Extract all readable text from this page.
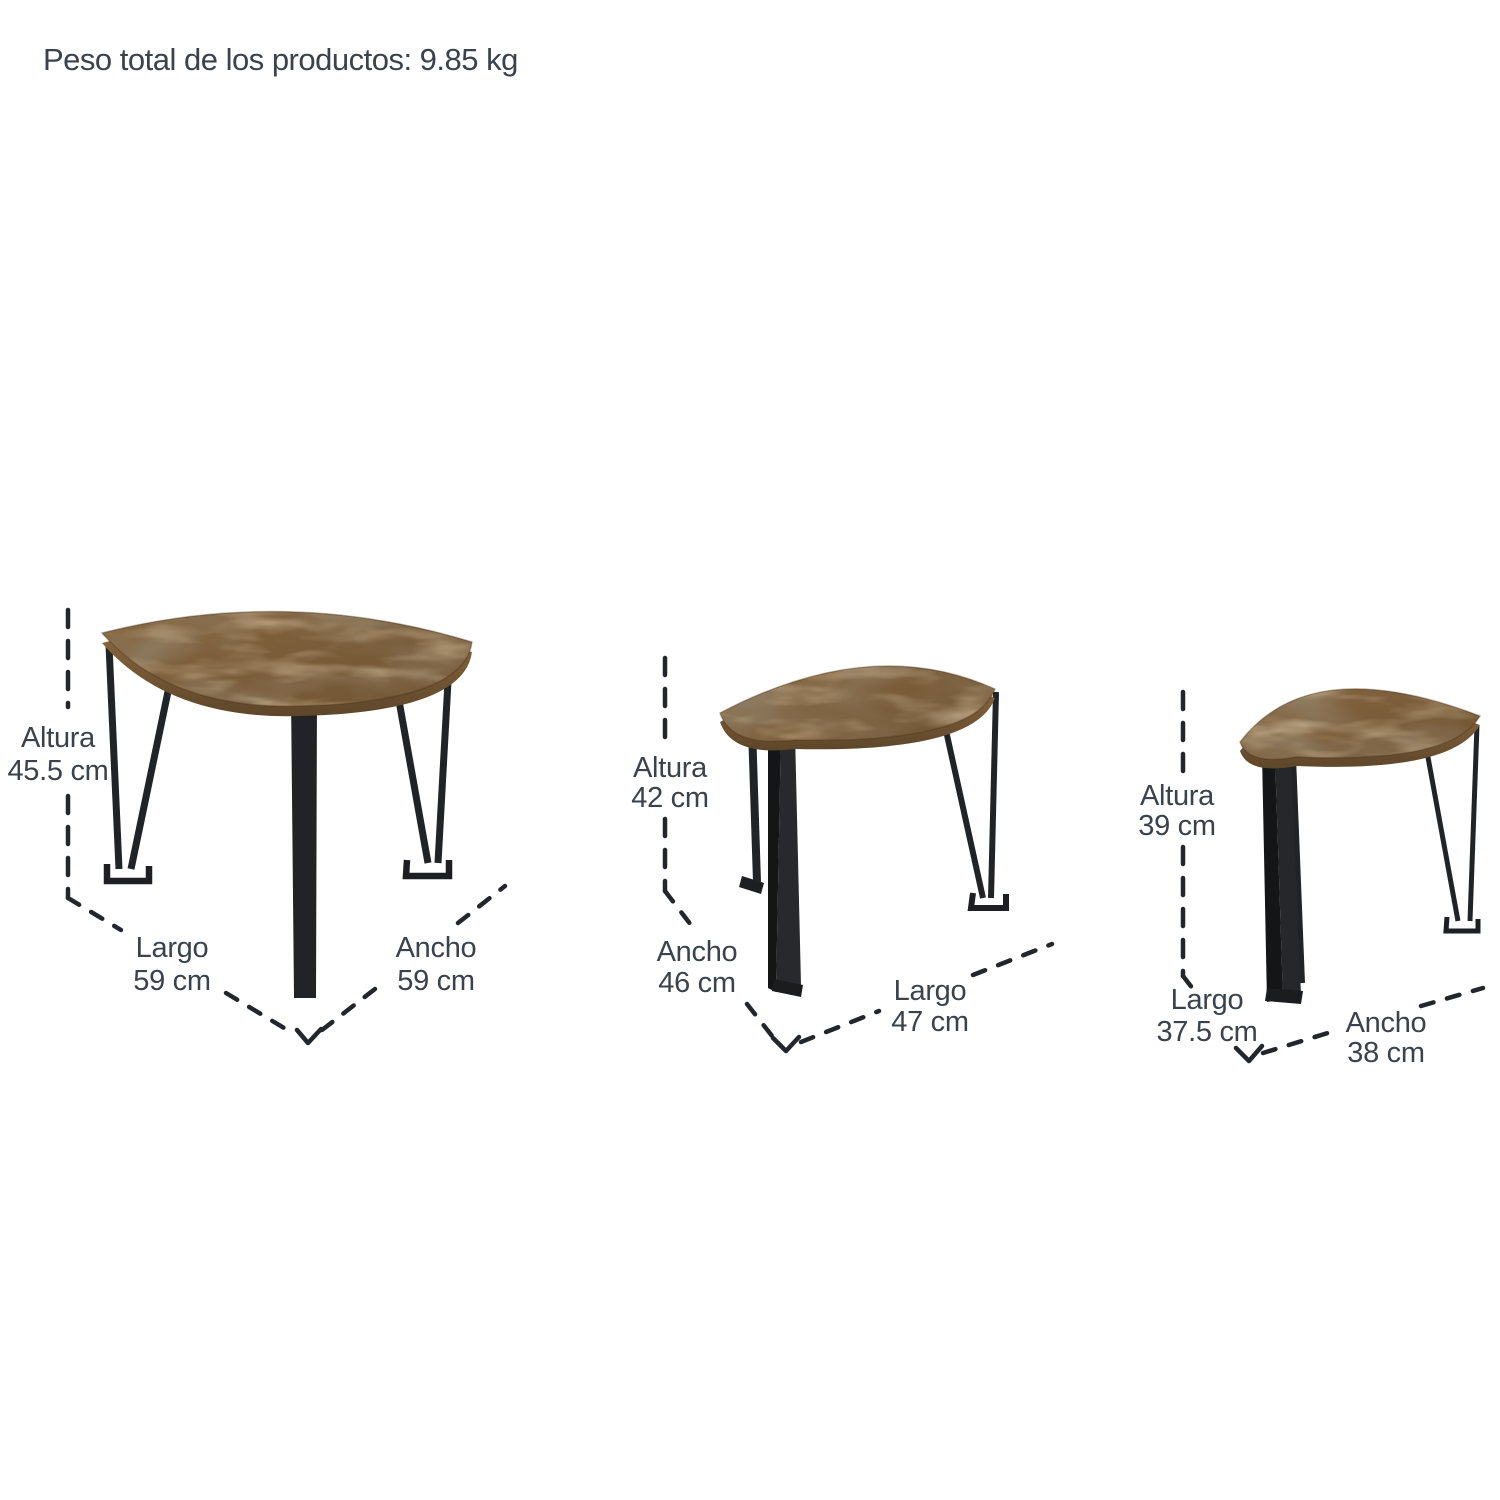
Peso total de los productos: 9.85 kg
Altura
45.5 cm
Largo
59 cm
Ancho
59 cm
Altura
42 cm
Ancho
46 cm	Largo
47 cm
Altura
39 cm
Largo
37.5 cm	Ancho
38 cm
